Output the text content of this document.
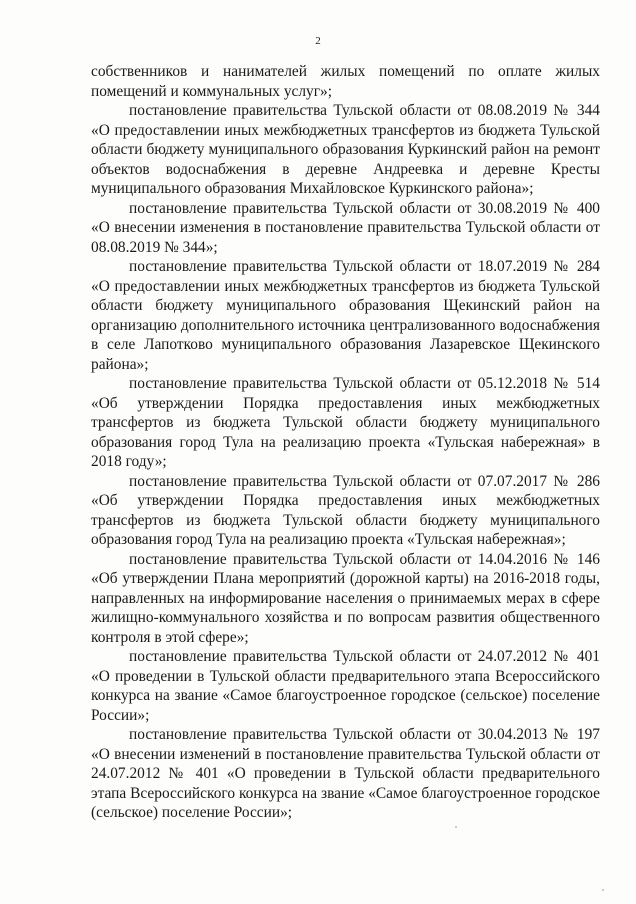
2

собственников и нанимателей жилых помещений по оплате жилых помещений и коммунальных услуг»;

постановление правительства Тульской области от 08.08.2019 № 344 «О предоставлении иных межбюджетных трансфертов из бюджета Тульской области бюджету муниципального образования Куркинский район на ремонт объектов водоснабжения в деревне Андреевка и деревне Кресты муниципального образования Михайловское Куркинского района»;

постановление правительства Тульской области от 30.08.2019 № 400 «О внесении изменения в постановление правительства Тульской области от 08.08.2019 № 344»;

постановление правительства Тульской области от 18.07.2019 № 284 «О предоставлении иных межбюджетных трансфертов из бюджета Тульской области бюджету муниципального образования Щекинский район на организацию дополнительного источника централизованного водоснабжения в селе Лапотково муниципального образования Лазаревское Щекинского района»;

постановление правительства Тульской области от 05.12.2018 № 514 «Об утверждении Порядка предоставления иных межбюджетных трансфертов из бюджета Тульской области бюджету муниципального образования город Тула на реализацию проекта «Тульская набережная» в 2018 году»;

постановление правительства Тульской области от 07.07.2017 № 286 «Об утверждении Порядка предоставления иных межбюджетных трансфертов из бюджета Тульской области бюджету муниципального образования город Тула на реализацию проекта «Тульская набережная»;

постановление правительства Тульской области от 14.04.2016 № 146 «Об утверждении Плана мероприятий (дорожной карты) на 2016-2018 годы, направленных на информирование населения о принимаемых мерах в сфере жилищно-коммунального хозяйства и по вопросам развития общественного контроля в этой сфере»;

постановление правительства Тульской области от 24.07.2012 № 401 «О проведении в Тульской области предварительного этапа Всероссийского конкурса на звание «Самое благоустроенное городское (сельское) поселение России»;

постановление правительства Тульской области от 30.04.2013 № 197 «О внесении изменений в постановление правительства Тульской области от 24.07.2012 № 401 «О проведении в Тульской области предварительного этапа Всероссийского конкурса на звание «Самое благоустроенное городское (сельское) поселение России»;
